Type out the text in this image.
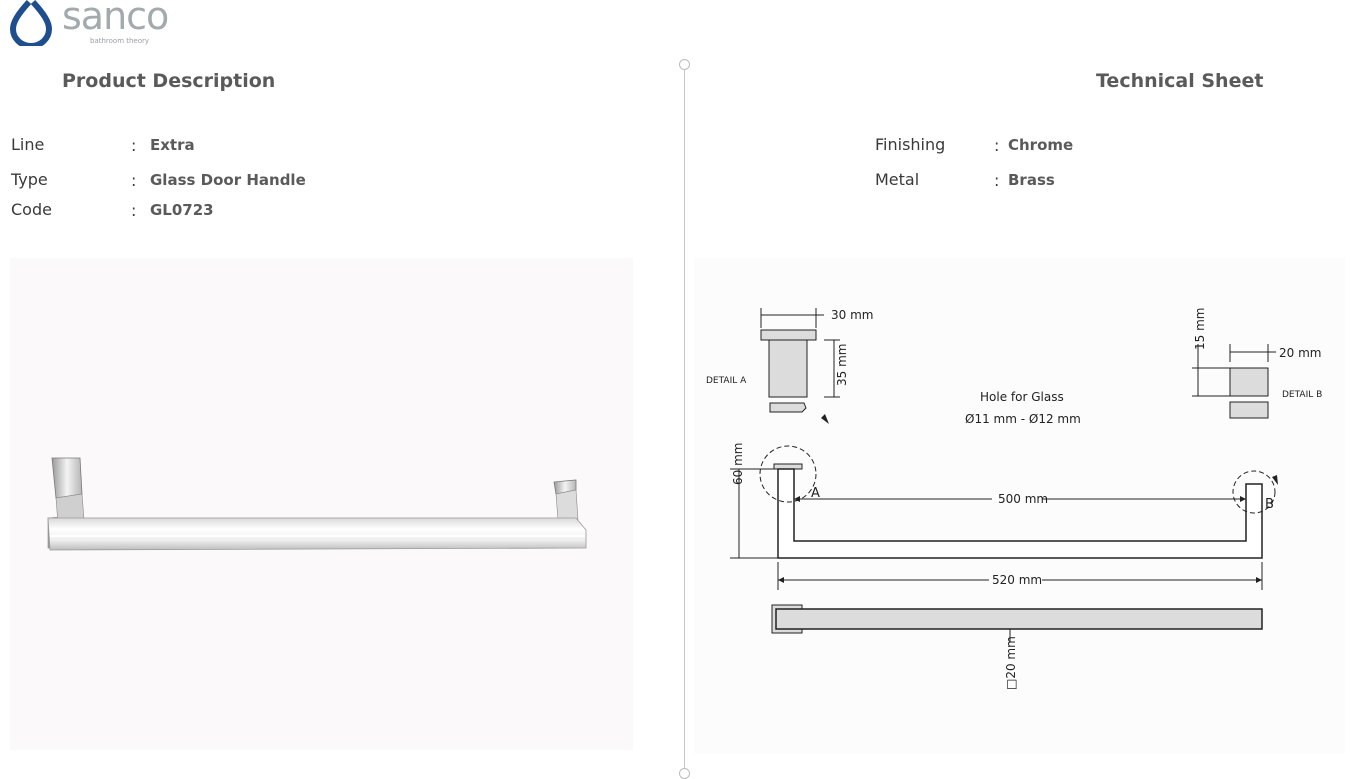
sanco
bathroom theory
Product Description	Technical Sheet
Line	: Extra
Type	: Glass Door Handle
Code	: GL0723
Finishing	: Chrome
Metal	: Brass
DETAIL A
DETAIL B
30 mm
35 mm
15 mm
20 mm
Hole for Glass
Ø11 mm - Ø12 mm
60 mm
A
B
500 mm
520 mm
□20 mm
